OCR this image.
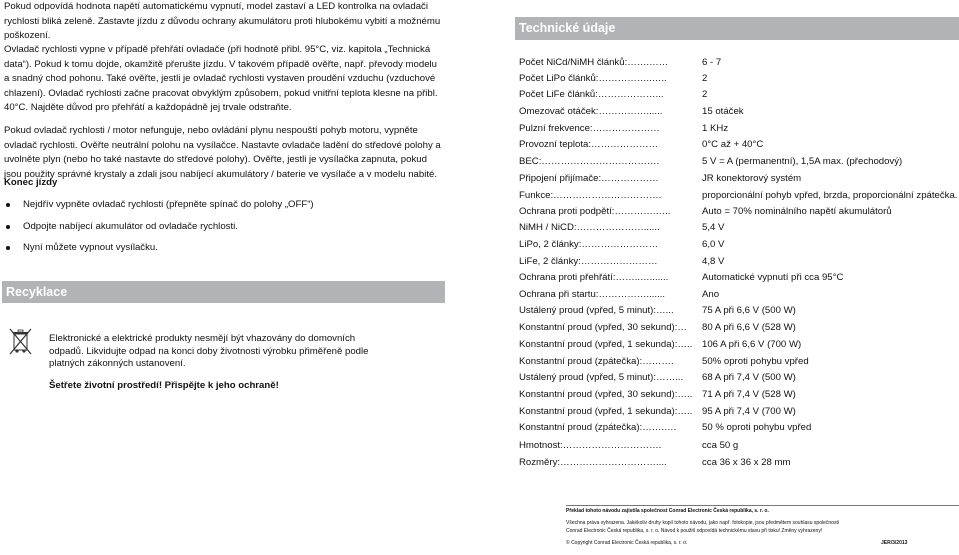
Pokud odpovídá hodnota napětí automatickému vypnutí, model zastaví a LED kontrolka na ovladači rychlosti bliká zeleně. Zastavte jízdu z důvodu ochrany akumulátoru proti hlubokému vybití a možnému poškození.

Ovladač rychlosti vypne v případě přehřátí ovladače (při hodnotě přibl. 95°C, viz. kapitola „Technická data“). Pokud k tomu dojde, okamžitě přerušte jízdu. V takovém případě ověřte, např. převody modelu a snadný chod pohonu. Také ověřte, jestli je ovladač rychlosti vystaven proudění vzduchu (vzduchové chlazení). Ovladač rychlosti začne pracovat obvyklým způsobem, pokud vnitřní teplota klesne na přibl. 40°C. Najděte důvod pro přehřátí a každopádně jej trvale odstraňte.

Pokud ovladač rychlosti / motor nefunguje, nebo ovládání plynu nespouští pohyb motoru, vypněte ovladač rychlosti. Ověřte neutrální polohu na vysílačce. Nastavte ovladače ladění do středové polohy a uvolněte plyn (nebo ho také nastavte do středové polohy). Ověřte, jestli je vysílačka zapnuta, pokud jsou použity správné krystaly a zdali jsou nabíjecí akumulátory / baterie ve vysílače a v modelu nabité.

Konec jízdy
Nejdřív vypněte ovladač rychlosti (přepněte spínač do polohy „OFF“)
Odpojte nabíjecí akumulátor od ovladače rychlosti.
Nyní můžete vypnout vysílačku.
Recyklace

Elektronické a elektrické produkty nesmějí být vhazovány do domovních odpadů. Likvidujte odpad na konci doby životnosti výrobku přiměřeně podle platných zákonných ustanovení.

Šetřete životní prostředí! Přispějte k jeho ochraně!
Technické údaje
Počet NiCd/NiMH článků:…….……	6 - 7
Počet LiPo článků:……………..…..	2
Počet LiFe článků:………………...	2
Omezovač otáček:……………......	15 otáček
Pulzní frekvence:…………………	1 KHz
Provozní teplota:…………………	0°C až + 40°C
BEC:……………………………….	5 V = A (permanentní), 1,5A max. (přechodový)
Připojení přijímače:………………	JR konektorový systém
Funkce:…………………………….	proporcionální pohyb vpřed, brzda, proporcionální zpátečka.
Ochrana proti podpětí:………….…..	Auto = 70% nominálního napětí akumulátorů
NiMH / NiCD:…………………......	5,4 V
LiPo, 2 články:……………………	6,0 V
LiFe, 2 články:……………………	4,8 V
Ochrana proti přehřátí:……..….......	Automatické vypnutí při cca 95°C
Ochrana při startu:…………….......	Ano
Ustálený proud (vpřed, 5 minut):…...	75 A při 6,6 V (500 W)
Konstantní proud (vpřed, 30 sekund):… 80 A při 6,6 V (528 W)
Konstantní proud (vpřed, 1 sekunda):….. 106 A při 6,6 V (700 W)
Konstantní proud (zpátečka):……….	50% oproti pohybu vpřed
Ustálený proud (vpřed, 5 minut):……... 68 A při 7,4 V (500 W)
Konstantní proud (vpřed, 30 sekund):….. 71 A při 7,4 V (528 W)
Konstantní proud (vpřed, 1 sekunda):….. 95 A při 7,4 V (700 W)
Konstantní proud (zpátečka):…….….	50 % oproti pohybu vpřed
Hmotnost:………………………….	cca 50 g
Rozměry:…………………………....	cca 36 x 36 x 28 mm
Překlad tohoto návodu zajistila společnost Conrad Electronic Česká republika, s. r. o.
Všechna práva vyhrazena. Jakékoliv druhy kopií tohoto návodu, jako např. fotokopie, jsou předmětem souhlasu společnosti
Conrad Electronic Česká republika, s. r. o. Návod k použití odpovídá technickému stavu při tisku! Změny vyhrazeny!
© Copyright Conrad Electronic Česká republika, s. r. o.	JER/3/2013
